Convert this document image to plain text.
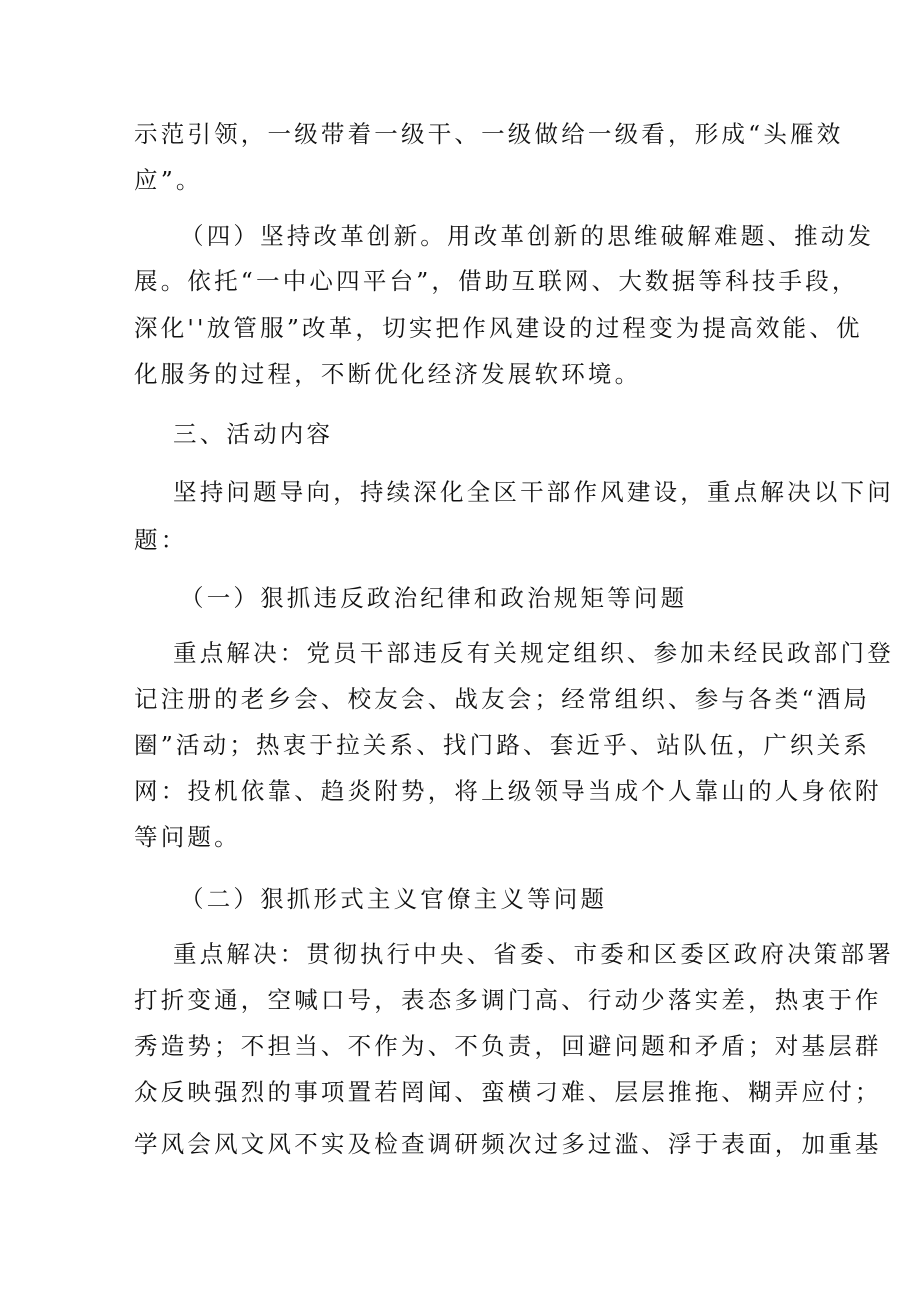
示范引领，一级带着一级干、一级做给一级看，形成“头雁效
应”。
（四）坚持改革创新。用改革创新的思维破解难题、推动发
展。依托“一中心四平台”，借助互联网、大数据等科技手段，
深化''放管服”改革，切实把作风建设的过程变为提高效能、优
化服务的过程，不断优化经济发展软环境。
三、活动内容
坚持问题导向，持续深化全区干部作风建设，重点解决以下问
题：
（一）狠抓违反政治纪律和政治规矩等问题
重点解决：党员干部违反有关规定组织、参加未经民政部门登
记注册的老乡会、校友会、战友会；经常组织、参与各类“酒局
圈”活动；热衷于拉关系、找门路、套近乎、站队伍，广织关系
网：投机依靠、趋炎附势，将上级领导当成个人靠山的人身依附
等问题。
（二）狠抓形式主义官僚主义等问题
重点解决：贯彻执行中央、省委、市委和区委区政府决策部署
打折变通，空喊口号，表态多调门高、行动少落实差，热衷于作
秀造势；不担当、不作为、不负责，回避问题和矛盾；对基层群
众反映强烈的事项置若罔闻、蛮横刁难、层层推拖、糊弄应付；
学风会风文风不实及检查调研频次过多过滥、浮于表面，加重基
